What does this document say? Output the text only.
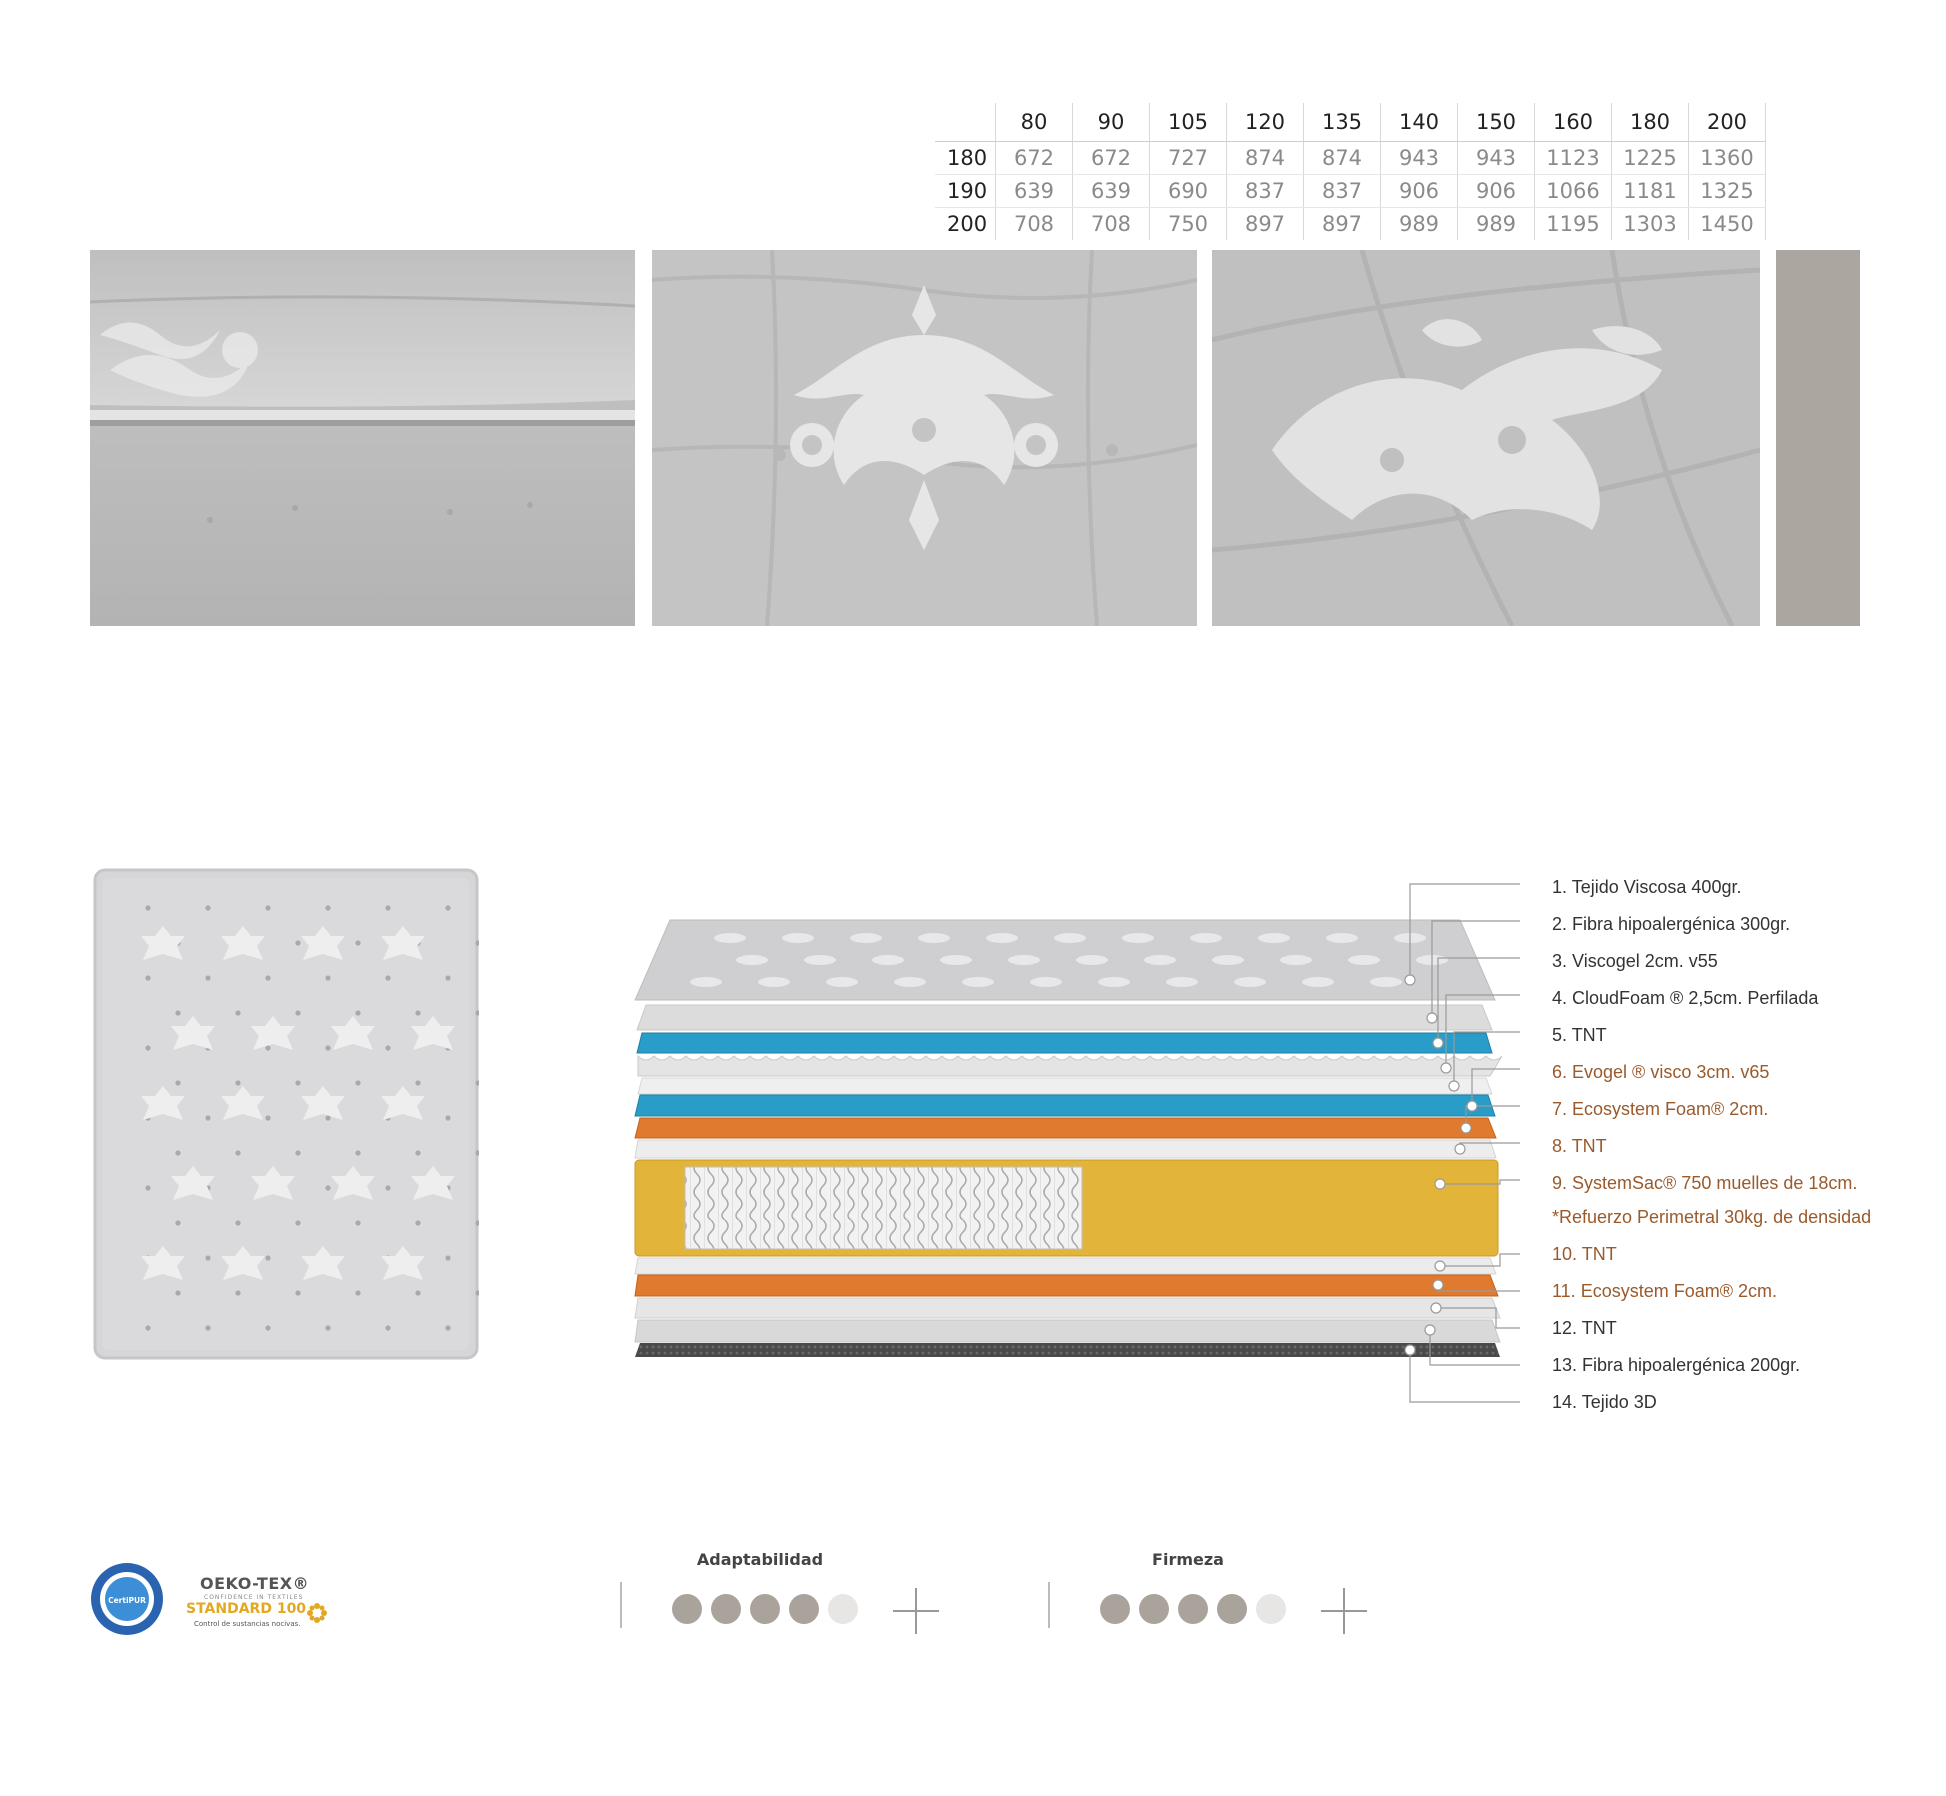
	80	90	105	120	135	140	150	160	180	200
180	672	672	727	874	874	943	943	1123	1225	1360
190	639	639	690	837	837	906	906	1066	1181	1325
200	708	708	750	897	897	989	989	1195	1303	1450
1. Tejido Viscosa 400gr.
2. Fibra hipoalergénica 300gr.
3. Viscogel 2cm. v55
4. CloudFoam ® 2,5cm. Perfilada
5. TNT
6. Evogel ® visco 3cm. v65
7. Ecosystem Foam® 2cm.
8. TNT
9. SystemSac® 750 muelles de 18cm.
*Refuerzo Perimetral 30kg. de densidad
10. TNT
11. Ecosystem Foam® 2cm.
12. TNT
13. Fibra hipoalergénica 200gr.
14. Tejido 3D
CertiPUR
OEKO-TEX®
CONFIDENCE IN TEXTILES
STANDARD 100
Control de sustancias nocivas.
Adaptabilidad	Firmeza
